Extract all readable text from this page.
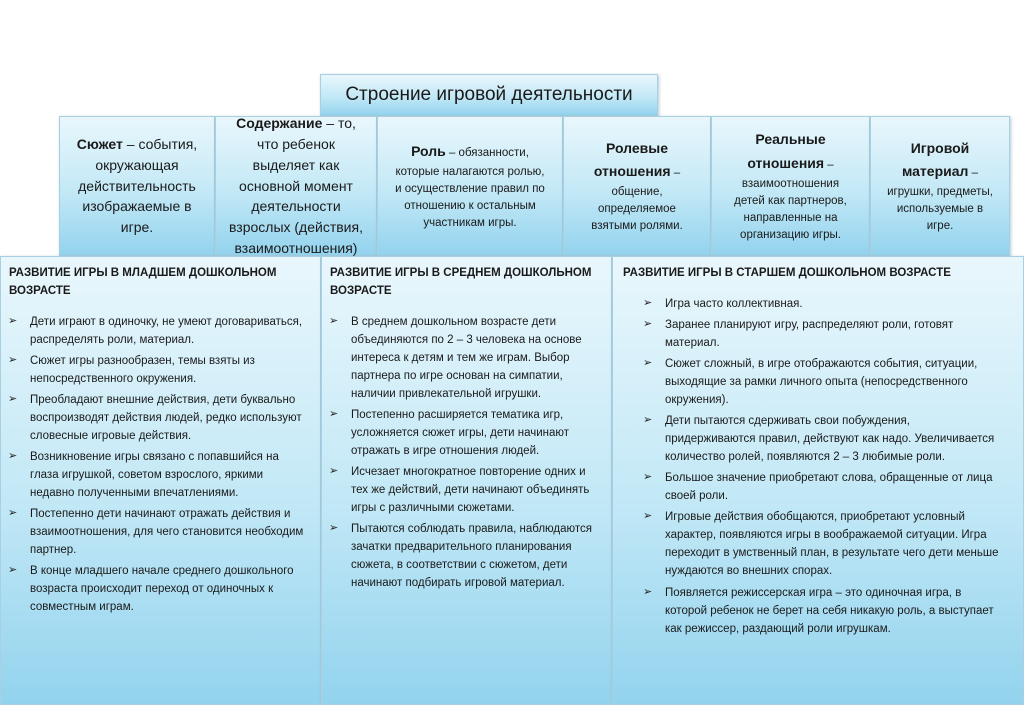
Строение игровой деятельности
Сюжет – события, окружающая действительность изображаемые в игре.
Содержание – то, что ребенок выделяет как основной момент деятельности взрослых (действия, взаимоотношения)
Роль – обязанности, которые налагаются ролью, и осуществление правил по отношению к остальным участникам игры.
Ролевые отношения – общение, определяемое взятыми ролями.
Реальные отношения – взаимоотношения детей как партнеров, направленные на организацию игры.
Игровой материал – игрушки, предметы, используемые в игре.
РАЗВИТИЕ ИГРЫ В МЛАДШЕМ ДОШКОЛЬНОМ ВОЗРАСТЕ
➢ Дети играют в одиночку, не умеют договариваться, распределять роли, материал.
➢ Сюжет игры разнообразен, темы взяты из непосредственного окружения.
➢ Преобладают внешние действия, дети буквально воспроизводят действия людей, редко используют словесные игровые действия.
➢ Возникновение игры связано с попавшийся на глаза игрушкой, советом взрослого, яркими недавно полученными впечатлениями.
➢ Постепенно дети начинают отражать действия и взаимоотношения, для чего становится необходим партнер.
➢ В конце младшего начале среднего дошкольного возраста происходит переход от одиночных к совместным играм.
РАЗВИТИЕ ИГРЫ В СРЕДНЕМ ДОШКОЛЬНОМ ВОЗРАСТЕ
➢ В среднем дошкольном возрасте дети объединяются по 2 – 3 человека на основе интереса к детям и тем же играм. Выбор партнера по игре основан на симпатии, наличии привлекательной игрушки.
➢ Постепенно расширяется тематика игр, усложняется сюжет игры, дети начинают отражать в игре отношения людей.
➢ Исчезает многократное повторение одних и тех же действий, дети начинают объединять игры с различными сюжетами.
➢ Пытаются соблюдать правила, наблюдаются зачатки предварительного планирования сюжета, в соответствии с сюжетом, дети начинают подбирать игровой материал.
РАЗВИТИЕ ИГРЫ В СТАРШЕМ ДОШКОЛЬНОМ ВОЗРАСТЕ
➢ Игра часто коллективная.
➢ Заранее планируют игру, распределяют роли, готовят материал.
➢ Сюжет сложный, в игре отображаются события, ситуации, выходящие за рамки личного опыта (непосредственного окружения).
➢ Дети пытаются сдерживать свои побуждения, придерживаются правил, действуют как надо. Увеличивается количество ролей, появляются 2 – 3 любимые роли.
➢ Большое значение приобретают слова, обращенные от лица своей роли.
➢ Игровые действия обобщаются, приобретают условный характер, появляются игры в воображаемой ситуации. Игра переходит в умственный план, в результате чего дети меньше нуждаются во внешних спорах.
➢ Появляется режиссерская игра – это одиночная игра, в которой ребенок не берет на себя никакую роль, а выступает как режиссер, раздающий роли игрушкам.
